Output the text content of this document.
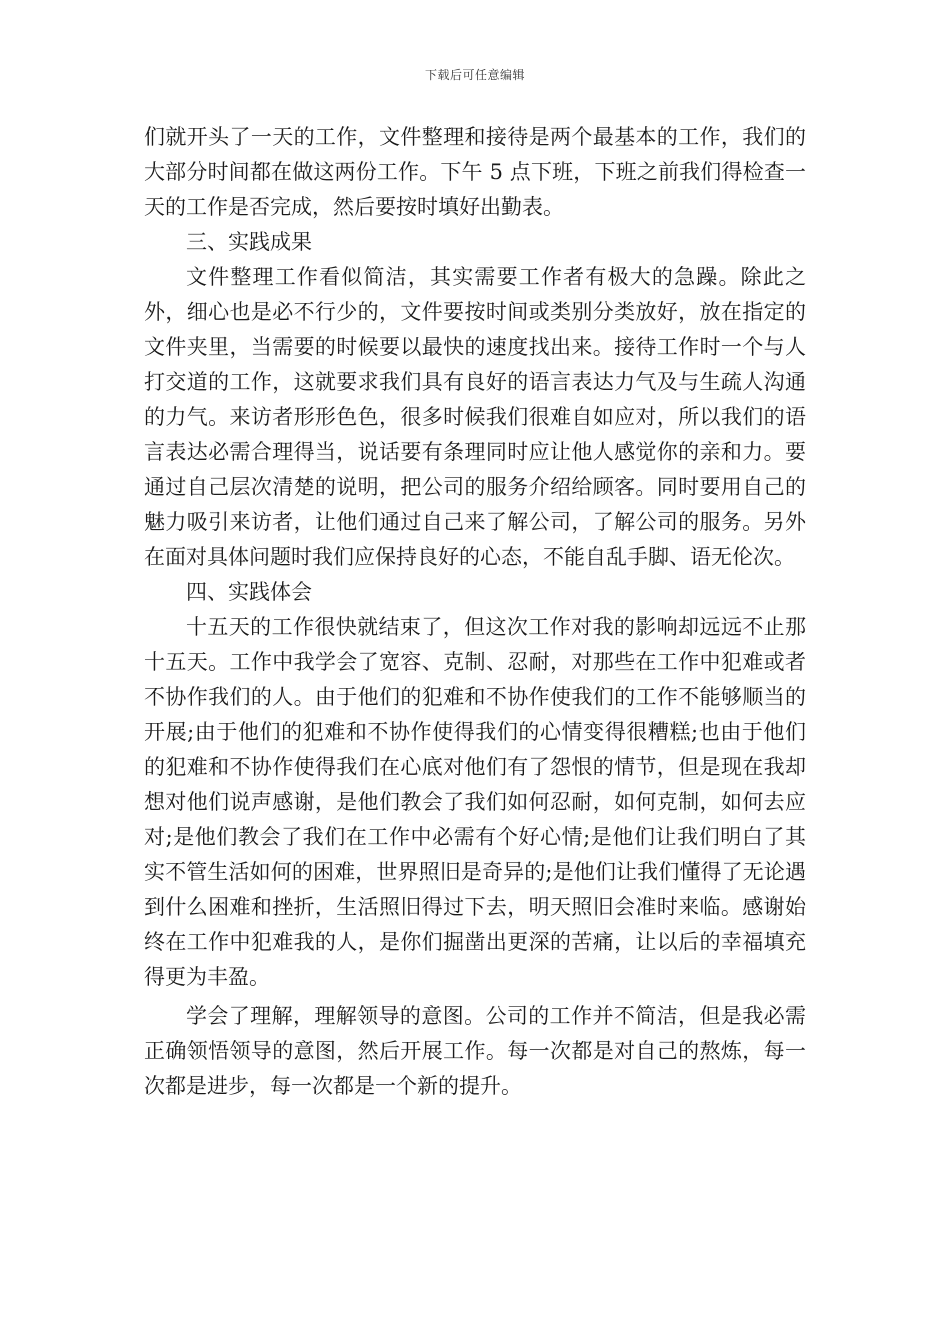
下载后可任意编辑

们就开头了一天的工作，文件整理和接待是两个最基本的工作，我们的大部分时间都在做这两份工作。下午 5 点下班，下班之前我们得检查一天的工作是否完成，然后要按时填好出勤表。

三、实践成果

文件整理工作看似简洁，其实需要工作者有极大的急躁。除此之外，细心也是必不行少的，文件要按时间或类别分类放好，放在指定的文件夹里，当需要的时候要以最快的速度找出来。接待工作时一个与人打交道的工作，这就要求我们具有良好的语言表达力气及与生疏人沟通的力气。来访者形形色色，很多时候我们很难自如应对，所以我们的语言表达必需合理得当，说话要有条理同时应让他人感觉你的亲和力。要通过自己层次清楚的说明，把公司的服务介绍给顾客。同时要用自己的魅力吸引来访者，让他们通过自己来了解公司，了解公司的服务。另外在面对具体问题时我们应保持良好的心态，不能自乱手脚、语无伦次。

四、实践体会

十五天的工作很快就结束了，但这次工作对我的影响却远远不止那十五天。工作中我学会了宽容、克制、忍耐，对那些在工作中犯难或者不协作我们的人。由于他们的犯难和不协作使我们的工作不能够顺当的开展;由于他们的犯难和不协作使得我们的心情变得很糟糕;也由于他们的犯难和不协作使得我们在心底对他们有了怨恨的情节，但是现在我却想对他们说声感谢，是他们教会了我们如何忍耐，如何克制，如何去应对;是他们教会了我们在工作中必需有个好心情;是他们让我们明白了其实不管生活如何的困难，世界照旧是奇异的;是他们让我们懂得了无论遇到什么困难和挫折，生活照旧得过下去，明天照旧会准时来临。感谢始终在工作中犯难我的人，是你们掘凿出更深的苦痛，让以后的幸福填充得更为丰盈。

学会了理解，理解领导的意图。公司的工作并不简洁，但是我必需正确领悟领导的意图，然后开展工作。每一次都是对自己的熬炼，每一次都是进步，每一次都是一个新的提升。
